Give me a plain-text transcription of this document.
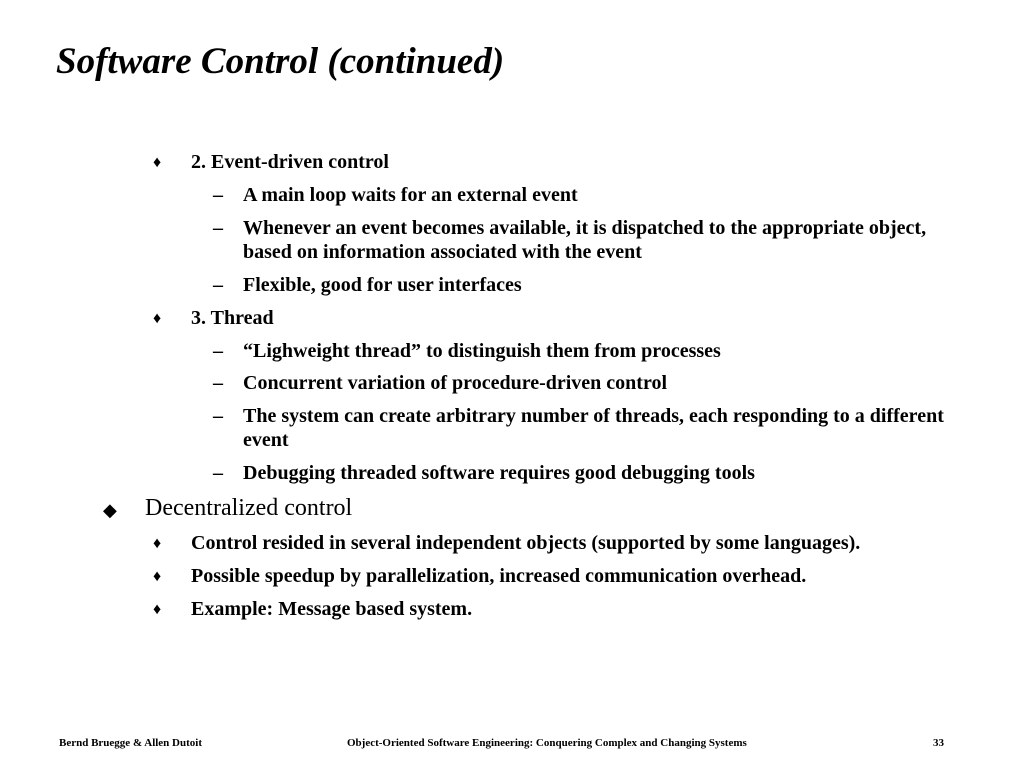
Software Control (continued)
♦ 2. Event-driven control
– A main loop waits for an external event
– Whenever an event becomes available, it is dispatched to the appropriate object, based on information associated with the event
– Flexible, good for user interfaces
♦ 3. Thread
– “Lighweight thread” to distinguish them from processes
– Concurrent variation of procedure-driven control
– The system can create arbitrary number of threads, each responding to a different event
– Debugging threaded software requires good debugging tools
◆ Decentralized control
♦ Control resided in several independent objects (supported by some languages).
♦ Possible speedup by parallelization, increased communication overhead.
♦ Example: Message based system.
Bernd Bruegge & Allen Dutoit	Object-Oriented Software Engineering: Conquering Complex and Changing Systems	33
